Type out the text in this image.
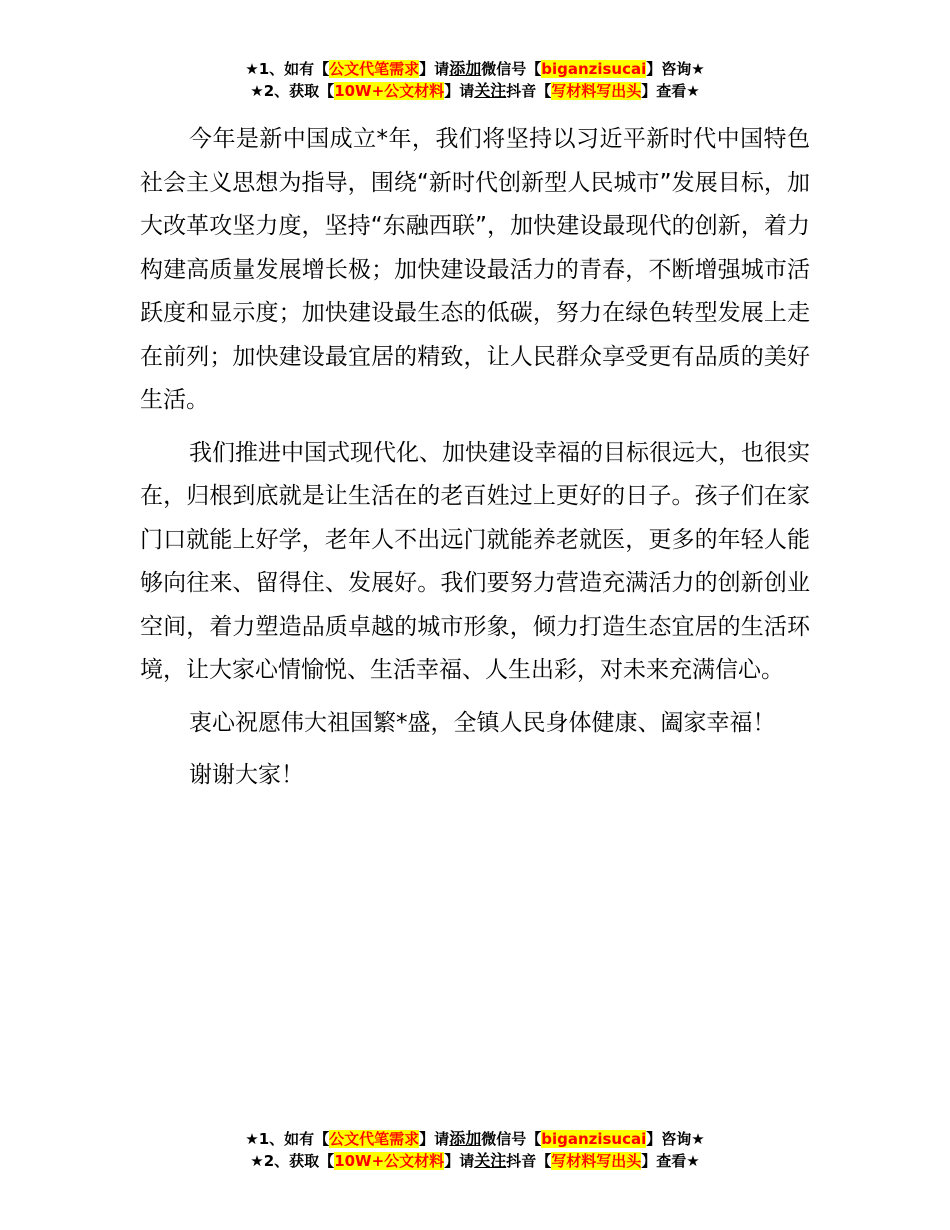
★1、如有【公文代笔需求】请添加微信号【biganzisucai】咨询★
★2、获取【10W+公文材料】请关注抖音【写材料写出头】查看★

今年是新中国成立*年，我们将坚持以习近平新时代中国特色社会主义思想为指导，围绕“新时代创新型人民城市”发展目标，加大改革攻坚力度，坚持“东融西联”，加快建设最现代的创新，着力构建高质量发展增长极；加快建设最活力的青春，不断增强城市活跃度和显示度；加快建设最生态的低碳，努力在绿色转型发展上走在前列；加快建设最宜居的精致，让人民群众享受更有品质的美好生活。

我们推进中国式现代化、加快建设幸福的目标很远大，也很实在，归根到底就是让生活在的老百姓过上更好的日子。孩子们在家门口就能上好学，老年人不出远门就能养老就医，更多的年轻人能够向往来、留得住、发展好。我们要努力营造充满活力的创新创业空间，着力塑造品质卓越的城市形象，倾力打造生态宜居的生活环境，让大家心情愉悦、生活幸福、人生出彩，对未来充满信心。

衷心祝愿伟大祖国繁*盛，全镇人民身体健康、阖家幸福！

谢谢大家！

★1、如有【公文代笔需求】请添加微信号【biganzisucai】咨询★
★2、获取【10W+公文材料】请关注抖音【写材料写出头】查看★
